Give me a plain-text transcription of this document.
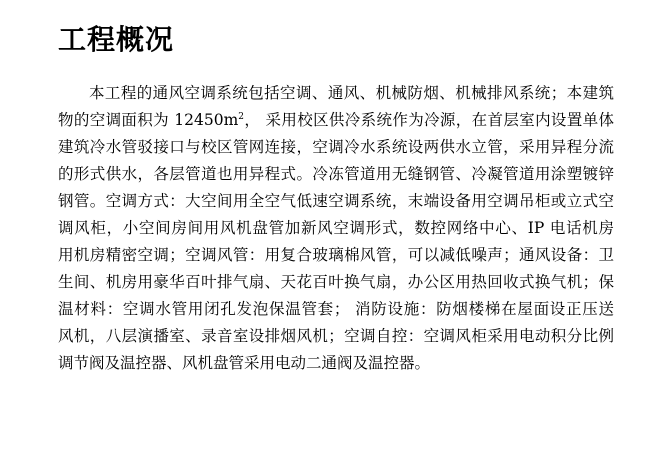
工程概况
本工程的通风空调系统包括空调、通风、机械防烟、机械排风系统；本建筑
物的空调面积为 $12450m^2$， 采用校区供冷系统作为冷源，在首层室内设置单体
建筑冷水管驳接口与校区管网连接，空调冷水系统设两供水立管，采用异程分流
的形式供水，各层管道也用异程式。冷冻管道用无缝钢管、冷凝管道用涂塑镀锌
钢管。空调方式：大空间用全空气低速空调系统，末端设备用空调吊柜或立式空
调风柜，小空间房间用风机盘管加新风空调形式，数控网络中心、IP 电话机房
用机房精密空调；空调风管：用复合玻璃棉风管，可以减低噪声；通风设备：卫
生间、机房用豪华百叶排气扇、天花百叶换气扇，办公区用热回收式换气机；保
温材料：空调水管用闭孔发泡保温管套； 消防设施：防烟楼梯在屋面设正压送
风机，八层演播室、录音室设排烟风机；空调自控：空调风柜采用电动积分比例
调节阀及温控器、风机盘管采用电动二通阀及温控器。
